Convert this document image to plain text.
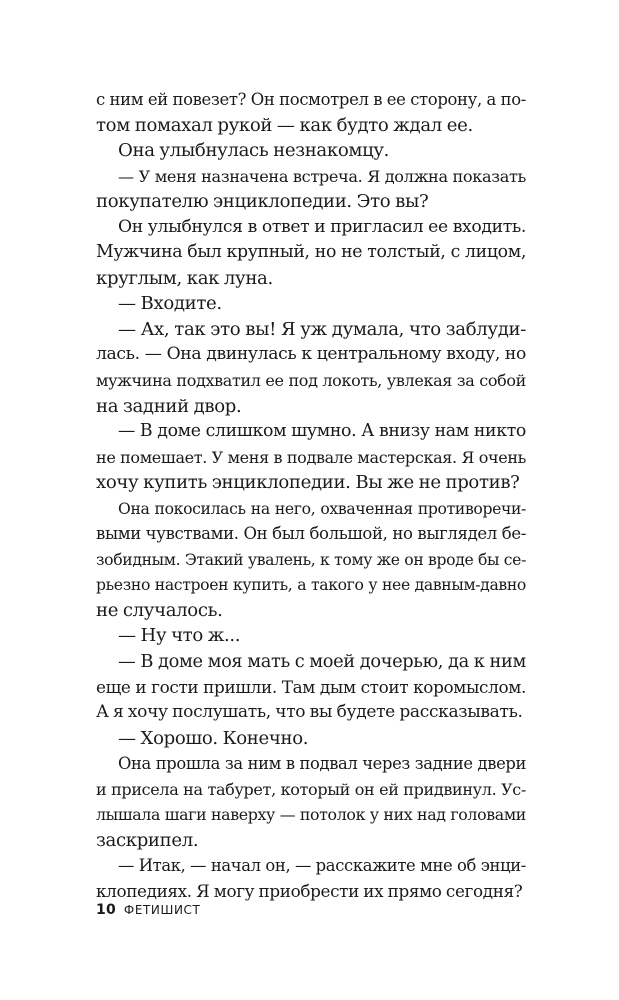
с ним ей повезет? Он посмотрел в ее сторону, а по-
том помахал рукой — как будто ждал ее.
Она улыбнулась незнакомцу.
— У меня назначена встреча. Я должна показать
покупателю энциклопедии. Это вы?
Он улыбнулся в ответ и пригласил ее входить.
Мужчина был крупный, но не толстый, с лицом,
круглым, как луна.
— Входите.
— Ах, так это вы! Я уж думала, что заблуди-
лась. — Она двинулась к центральному входу, но
мужчина подхватил ее под локоть, увлекая за собой
на задний двор.
— В доме слишком шумно. А внизу нам никто
не помешает. У меня в подвале мастерская. Я очень
хочу купить энциклопедии. Вы же не против?
Она покосилась на него, охваченная противоречи-
выми чувствами. Он был большой, но выглядел бе-
зобидным. Этакий увалень, к тому же он вроде бы се-
рьезно настроен купить, а такого у нее давным-давно
не случалось.
— Ну что ж...
— В доме моя мать с моей дочерью, да к ним
еще и гости пришли. Там дым стоит коромыслом.
А я хочу послушать, что вы будете рассказывать.
— Хорошо. Конечно.
Она прошла за ним в подвал через задние двери
и присела на табурет, который он ей придвинул. Ус-
лышала шаги наверху — потолок у них над головами
заскрипел.
— Итак, — начал он, — расскажите мне об энци-
клопедиях. Я могу приобрести их прямо сегодня?
10 ФЕТИШИСТ
